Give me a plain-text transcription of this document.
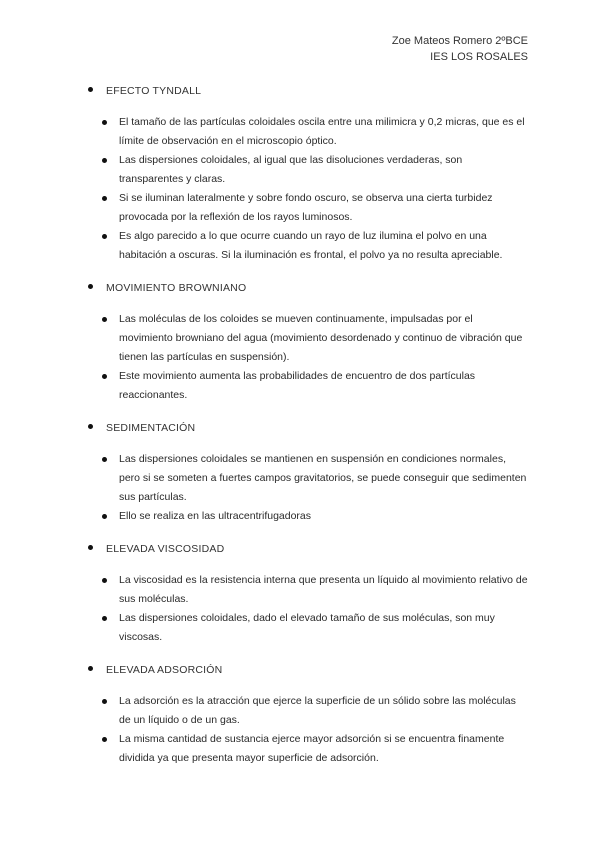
Zoe Mateos Romero 2ºBCE
IES LOS ROSALES
EFECTO TYNDALL
El tamaño de las partículas coloidales oscila entre una milimicra y 0,2 micras, que es el límite de observación en el microscopio óptico.
Las dispersiones coloidales, al igual que las disoluciones verdaderas, son transparentes y claras.
Si se iluminan lateralmente y sobre fondo oscuro, se observa una cierta turbidez provocada por la reflexión de los rayos luminosos.
Es algo parecido a lo que ocurre cuando un rayo de luz ilumina el polvo en una habitación a oscuras. Si la iluminación es frontal, el polvo ya no resulta apreciable.
MOVIMIENTO BROWNIANO
Las moléculas de los coloides se mueven continuamente, impulsadas por el movimiento browniano del agua (movimiento desordenado y continuo de vibración que tienen las partículas en suspensión).
Este movimiento aumenta las probabilidades de encuentro de dos partículas reaccionantes.
SEDIMENTACIÓN
Las dispersiones coloidales se mantienen en suspensión en condiciones normales, pero si se someten a fuertes campos gravitatorios, se puede conseguir que sedimenten sus partículas.
Ello se realiza en las ultracentrifugadoras
ELEVADA VISCOSIDAD
La viscosidad es la resistencia interna que presenta un líquido al movimiento relativo de sus moléculas.
Las dispersiones coloidales, dado el elevado tamaño de sus moléculas, son muy viscosas.
ELEVADA ADSORCIÓN
La adsorción es la atracción que ejerce la superficie de un sólido sobre las moléculas de un líquido o de un gas.
La misma cantidad de sustancia ejerce mayor adsorción si se encuentra finamente dividida ya que presenta mayor superficie de adsorción.
